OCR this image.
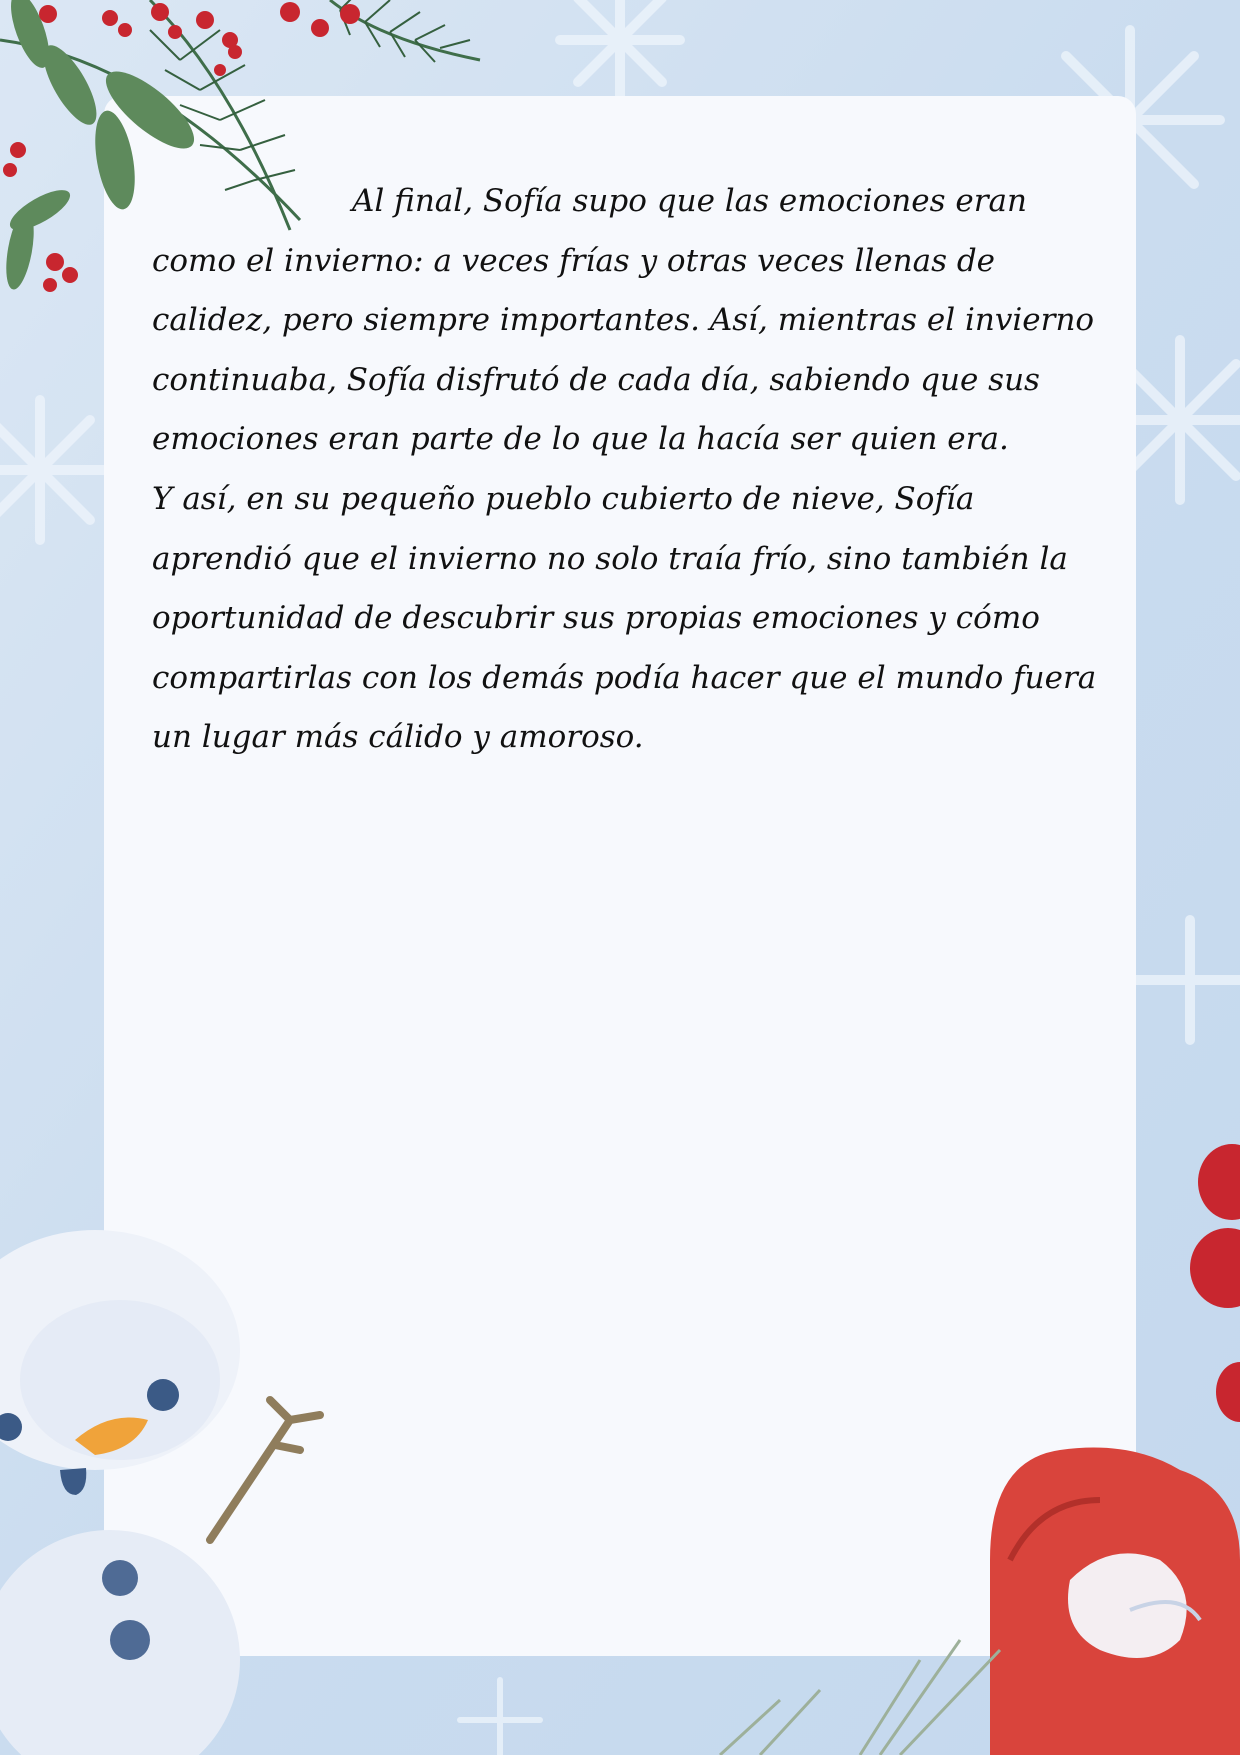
Al final, Sofía supo que las emociones eran como el invierno: a veces frías y otras veces llenas de calidez, pero siempre importantes. Así, mientras el invierno continuaba, Sofía disfrutó de cada día, sabiendo que sus emociones eran parte de lo que la hacía ser quien era.

Y así, en su pequeño pueblo cubierto de nieve, Sofía aprendió que el invierno no solo traía frío, sino también la oportunidad de descubrir sus propias emociones y cómo compartirlas con los demás podía hacer que el mundo fuera un lugar más cálido y amoroso.
